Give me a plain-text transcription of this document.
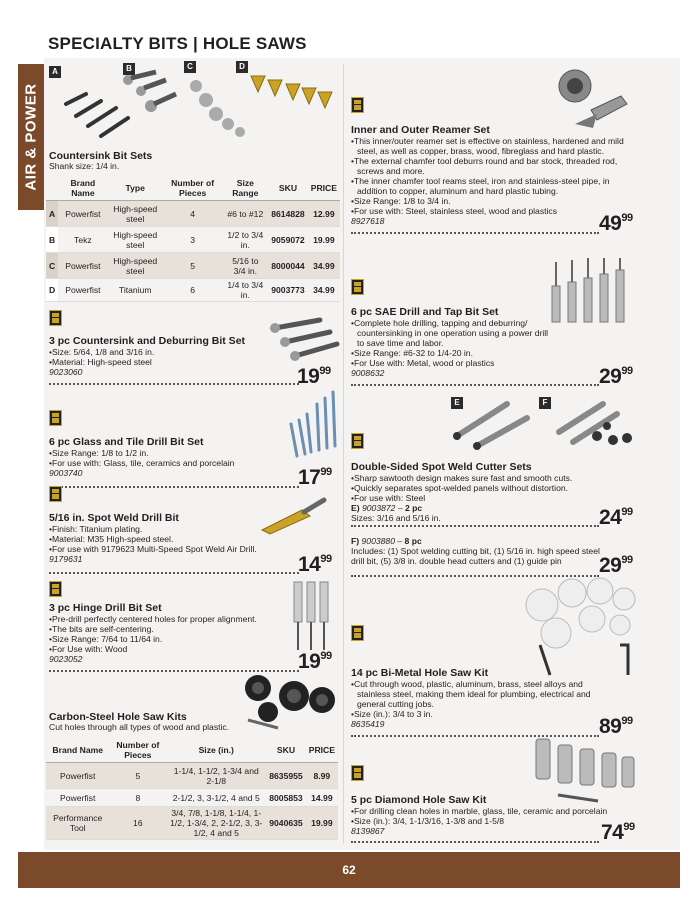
SPECIALTY BITS | HOLE SAWS
AIR & POWER
A	B	C	D
Countersink Bit Sets
Shank size: 1/4 in.
	Brand Name	Type	Number of Pieces	Size Range	SKU	PRICE
A	Powerfist	High-speed steel	4	#6 to #12	8614828	12.99
B	Tekz	High-speed steel	3	1/2 to 3/4 in.	9059072	19.99
C	Powerfist	High-speed steel	5	5/16 to 3/4 in.	8000044	34.99
D	Powerfist	Titanium	6	1/4 to 3/4 in.	9003773	34.99
3 pc Countersink and Deburring Bit Set
• Size: 5/64, 1/8 and 3/16 in.
• Material: High-speed steel
9023060	$19^{99}$
6 pc Glass and Tile Drill Bit Set
• Size Range: 1/8 to 1/2 in.
• For use with: Glass, tile, ceramics and porcelain
9003740	$17^{99}$
5/16 in. Spot Weld Drill Bit
• Finish: Titanium plating.
• Material: M35 High-speed steel.
• For use with 9179623 Multi-Speed Spot Weld Air Drill.
9179631	$14^{99}$
3 pc Hinge Drill Bit Set
• Pre-drill perfectly centered holes for proper alignment.
• The bits are self-centering.
• Size Range: 7/64 to 11/64 in.
• For Use with: Wood
9023052	$19^{99}$
Carbon-Steel Hole Saw Kits
Cut holes through all types of wood and plastic.
Brand Name	Number of Pieces	Size (in.)	SKU	PRICE
Powerfist	5	1-1/4, 1-1/2, 1-3/4 and 2-1/8	8635955	8.99
Powerfist	8	2-1/2, 3, 3-1/2, 4 and 5	8005853	14.99
Performance Tool	16	3/4, 7/8, 1-1/8, 1-1/4, 1-1/2, 1-3/4, 2, 2-1/2, 3, 3-1/2, 4 and 5	9040635	19.99
Inner and Outer Reamer Set
• This inner/outer reamer set is effective on stainless, hardened and mild steel, as well as copper, brass, wood, fibreglass and hard plastic.
• The external chamfer tool deburrs round and bar stock, threaded rod, screws and more.
• The inner chamfer tool reams steel, iron and stainless-steel pipe, in addition to copper, aluminum and hard plastic tubing.
• Size Range: 1/8 to 3/4 in.
• For use with: Steel, stainless steel, wood and plastics
8927618	$49^{99}$
6 pc SAE Drill and Tap Bit Set
• Complete hole drilling, tapping and deburring/ countersinking in one operation using a power drill to save time and labor.
• Size Range: #6-32 to 1/4-20 in.
• For Use with: Metal, wood or plastics
9008632	$29^{99}$
E	F
Double-Sided Spot Weld Cutter Sets
• Sharp sawtooth design makes sure fast and smooth cuts.
• Quickly separates spot-welded panels without distortion.
• For use with: Steel
E) 9003872 – 2 pc
Sizes: 3/16 and 5/16 in.	$24^{99}$
F) 9003880 – 8 pc
Includes: (1) Spot welding cutting bit, (1) 5/16 in. high speed steel drill bit, (5) 3/8 in. double head cutters and (1) guide pin	$29^{99}$
14 pc Bi-Metal Hole Saw Kit
• Cut through wood, plastic, aluminum, brass, steel alloys and stainless steel, making them ideal for plumbing, electrical and general cutting jobs.
• Size (in.): 3/4 to 3 in.
8635419	$89^{99}$
5 pc Diamond Hole Saw Kit
• For drilling clean holes in marble, glass, tile, ceramic and porcelain
• Size (in.): 3/4, 1-1/3/16, 1-3/8 and 1-5/8
8139867	$74^{99}$
62
